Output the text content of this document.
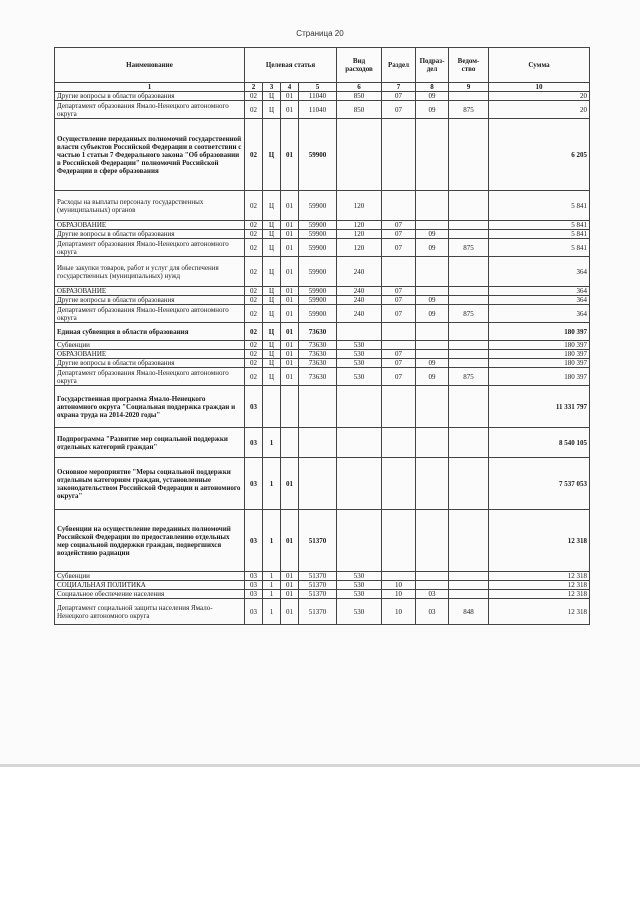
Страница 20
Наименование	Целевая статья				Вид расходов	Раздел	Подраз-дел	Ведом-ство	Сумма
1	2	3	4	5	6	7	8	9	10
Другие вопросы в области образования	02	Ц	01	11040	850	07	09		20
Департамент образования Ямало-Ненецкого автономного округа	02	Ц	01	11040	850	07	09	875	20
Осуществление переданных полномочий государственной власти субъектов Российской Федерации в соответствии с частью 1 статьи 7 Федерального закона "Об образовании в Российской Федерации" полномочий Российской Федерации в сфере образования	02	Ц	01	59900					6 205
Расходы на выплаты персоналу государственных (муниципальных) органов	02	Ц	01	59900	120				5 841
ОБРАЗОВАНИЕ	02	Ц	01	59900	120	07			5 841
Другие вопросы в области образования	02	Ц	01	59900	120	07	09		5 841
Департамент образования Ямало-Ненецкого автономного округа	02	Ц	01	59900	120	07	09	875	5 841
Иные закупки товаров, работ и услуг для обеспечения государственных (муниципальных) нужд	02	Ц	01	59900	240				364
ОБРАЗОВАНИЕ	02	Ц	01	59900	240	07			364
Другие вопросы в области образования	02	Ц	01	59900	240	07	09		364
Департамент образования Ямало-Ненецкого автономного округа	02	Ц	01	59900	240	07	09	875	364
Единая субвенция в области образования	02	Ц	01	73630					180 397
Субвенции	02	Ц	01	73630	530				180 397
ОБРАЗОВАНИЕ	02	Ц	01	73630	530	07			180 397
Другие вопросы в области образования	02	Ц	01	73630	530	07	09		180 397
Департамент образования Ямало-Ненецкого автономного округа	02	Ц	01	73630	530	07	09	875	180 397
Государственная программа Ямало-Ненецкого автономного округа "Социальная поддержка граждан и охрана труда на 2014-2020 годы"	03								11 331 797
Подпрограмма "Развитие мер социальной поддержки отдельных категорий граждан"	03	1							8 540 105
Основное мероприятие "Меры социальной поддержки отдельным категориям граждан, установленные законодательством Российской Федерации и автономного округа"	03	1	01						7 537 053
Субвенции на осуществление переданных полномочий Российской Федерации по предоставлению отдельных мер социальной поддержки граждан, подвергшихся воздействию радиации	03	1	01	51370					12 318
Субвенции	03	1	01	51370	530				12 318
СОЦИАЛЬНАЯ ПОЛИТИКА	03	1	01	51370	530	10			12 318
Социальное обеспечение населения	03	1	01	51370	530	10	03		12 318
Департамент социальной защиты населения Ямало-Ненецкого автономного округа	03	1	01	51370	530	10	03	848	12 318
